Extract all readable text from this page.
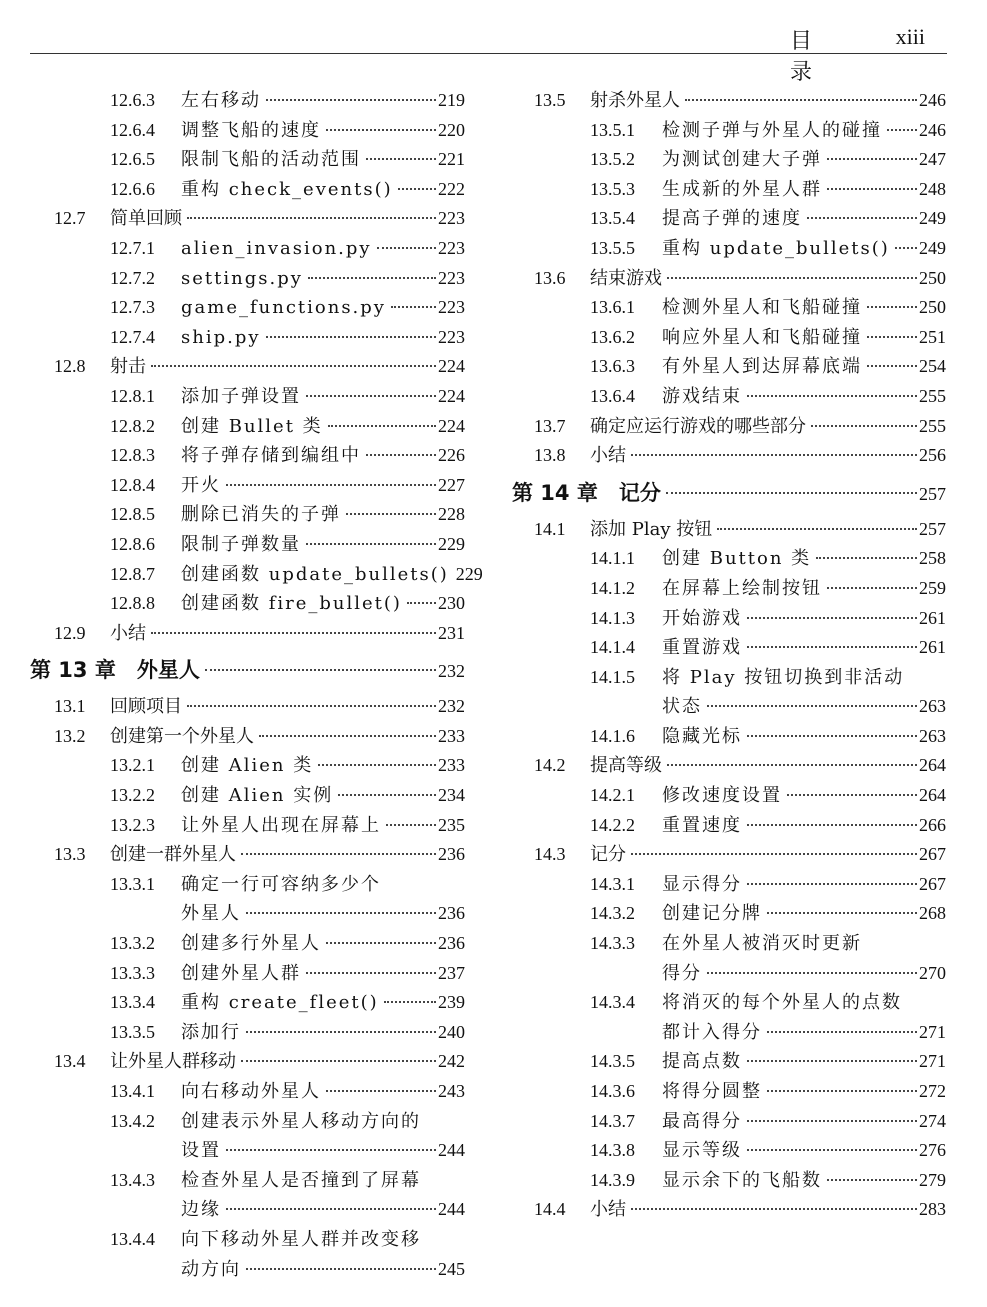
目 录
xiii
12.6.3 左右移动	219
12.6.4 调整飞船的速度	220
12.6.5 限制飞船的活动范围	221
12.6.6 重构 check_events()	222
12.7 简单回顾	223
12.7.1 alien_invasion.py	223
12.7.2 settings.py	223
12.7.3 game_functions.py	223
12.7.4 ship.py	223
12.8 射击	224
12.8.1 添加子弹设置	224
12.8.2 创建 Bullet 类	224
12.8.3 将子弹存储到编组中	226
12.8.4 开火	227
12.8.5 删除已消失的子弹	228
12.8.6 限制子弹数量	229
12.8.7 创建函数 update_bullets() 229
12.8.8 创建函数 fire_bullet() 230
12.9 小结	231
第 13 章　外星人	232
13.1 回顾项目	232
13.2 创建第一个外星人	233
13.2.1 创建 Alien 类	233
13.2.2 创建 Alien 实例	234
13.2.3 让外星人出现在屏幕上	235
13.3 创建一群外星人	236
13.3.1 确定一行可容纳多少个
外星人	236
13.3.2 创建多行外星人	236
13.3.3 创建外星人群	237
13.3.4 重构 create_fleet()	239
13.3.5 添加行	240
13.4 让外星人群移动	242
13.4.1 向右移动外星人	243
13.4.2 创建表示外星人移动方向的
设置	244
13.4.3 检查外星人是否撞到了屏幕
边缘	244
13.4.4 向下移动外星人群并改变移
动方向	245
13.5 射杀外星人	246
13.5.1 检测子弹与外星人的碰撞 246
13.5.2 为测试创建大子弹	247
13.5.3 生成新的外星人群	248
13.5.4 提高子弹的速度	249
13.5.5 重构 update_bullets() 249
13.6 结束游戏	250
13.6.1 检测外星人和飞船碰撞	250
13.6.2 响应外星人和飞船碰撞	251
13.6.3 有外星人到达屏幕底端	254
13.6.4 游戏结束	255
13.7 确定应运行游戏的哪些部分	255
13.8 小结	256
第 14 章　记分	257
14.1 添加 Play 按钮	257
14.1.1 创建 Button 类	258
14.1.2 在屏幕上绘制按钮	259
14.1.3 开始游戏	261
14.1.4 重置游戏	261
14.1.5 将 Play 按钮切换到非活动
状态	263
14.1.6 隐藏光标	263
14.2 提高等级	264
14.2.1 修改速度设置	264
14.2.2 重置速度	266
14.3 记分	267
14.3.1 显示得分	267
14.3.2 创建记分牌	268
14.3.3 在外星人被消灭时更新
得分	270
14.3.4 将消灭的每个外星人的点数
都计入得分	271
14.3.5 提高点数	271
14.3.6 将得分圆整	272
14.3.7 最高得分	274
14.3.8 显示等级	276
14.3.9 显示余下的飞船数	279
14.4 小结	283
